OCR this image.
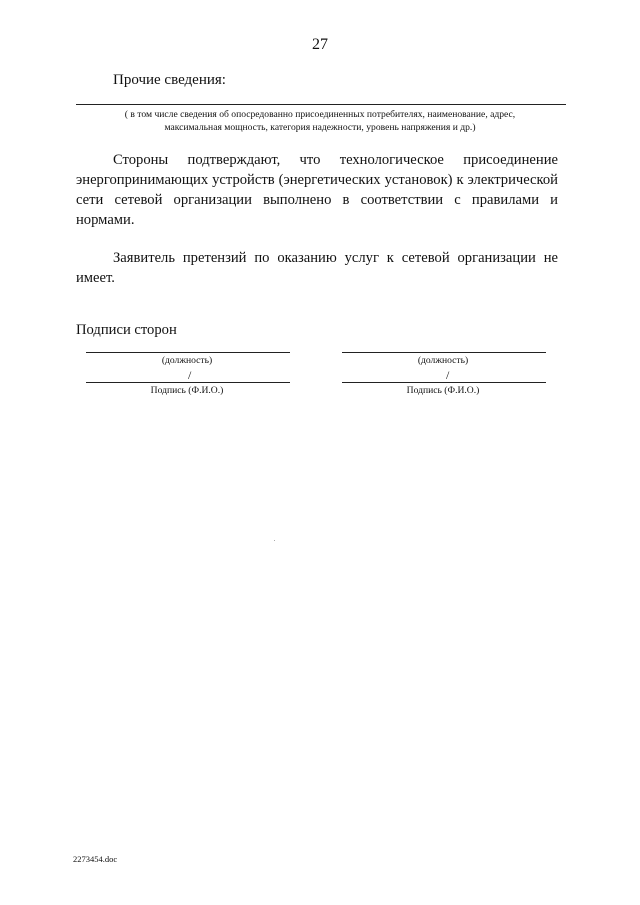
27
Прочие сведения:
( в том числе сведения об опосредованно присоединенных потребителях, наименование, адрес,
максимальная мощность, категория надежности, уровень напряжения и др.)
Стороны подтверждают, что технологическое присоединение энергопринимающих устройств (энергетических установок) к электрической сети сетевой организации выполнено в соответствии с правилами и нормами.
Заявитель претензий по оказанию услуг к сетевой организации не имеет.
Подписи сторон
(должность)
/
Подпись (Ф.И.О.)
(должность)
/
Подпись (Ф.И.О.)
2273454.doc
